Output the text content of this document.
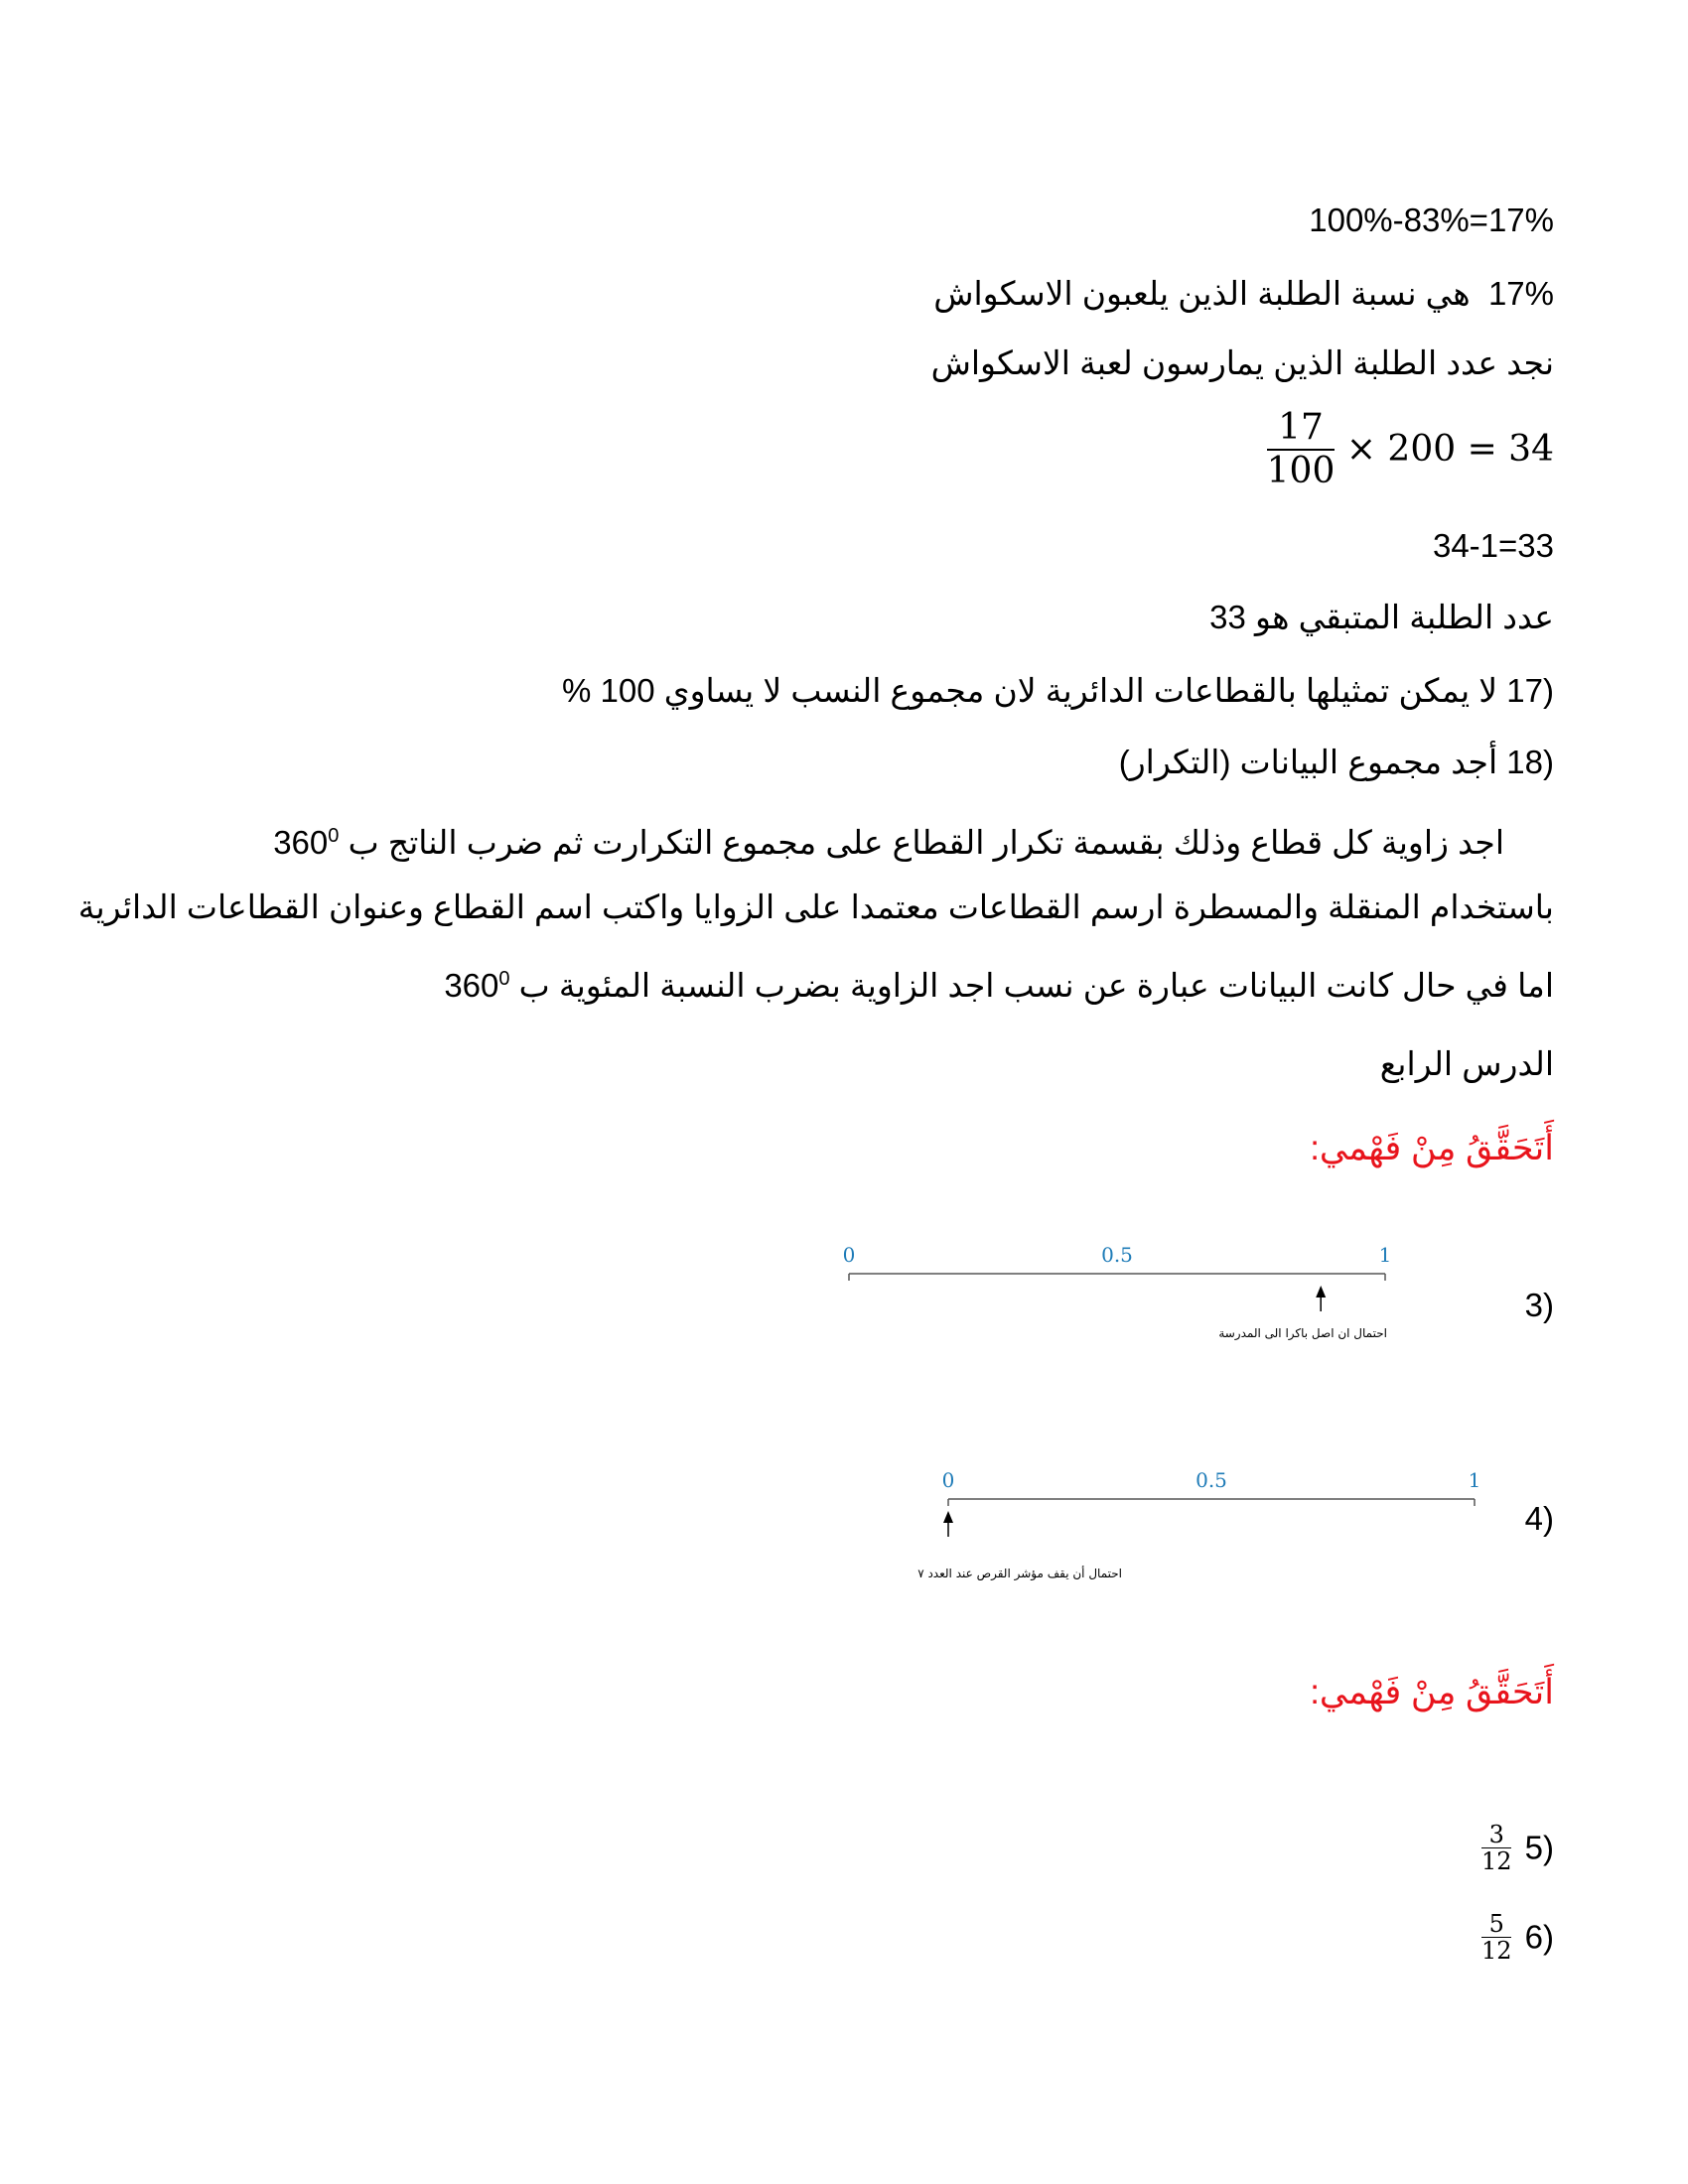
100%-83%=17%
17%  هي نسبة الطلبة الذين يلعبون الاسكواش
نجد عدد الطلبة الذين يمارسون لعبة الاسكواش
$\frac{17}{100} \times 200 = 34$
34-1=33
عدد الطلبة المتبقي هو 33
17) لا يمكن تمثيلها بالقطاعات الدائرية لان مجموع النسب لا يساوي % 100
18) أجد مجموع البيانات (التكرار)
اجد زاوية كل قطاع وذلك بقسمة تكرار القطاع على مجموع التكرارت ثم ضرب الناتج ب $360^0$
باستخدام المنقلة والمسطرة ارسم القطاعات معتمدا على الزوايا واكتب اسم القطاع وعنوان القطاعات الدائرية
اما في حال كانت البيانات عبارة عن نسب اجد الزاوية بضرب النسبة المئوية ب $360^0$
الدرس الرابع
أَتَحَقَّقُ مِنْ فَهْمي:
3)
0	0.5	1
احتمال ان اصل باكرا الى المدرسة
4)
0	0.5	1
احتمال أن يقف مؤشر القرص عند العدد ٧
أَتَحَقَّقُ مِنْ فَهْمي:
$\frac{3}{12} 5$)
$\frac{5}{12} 6$)
